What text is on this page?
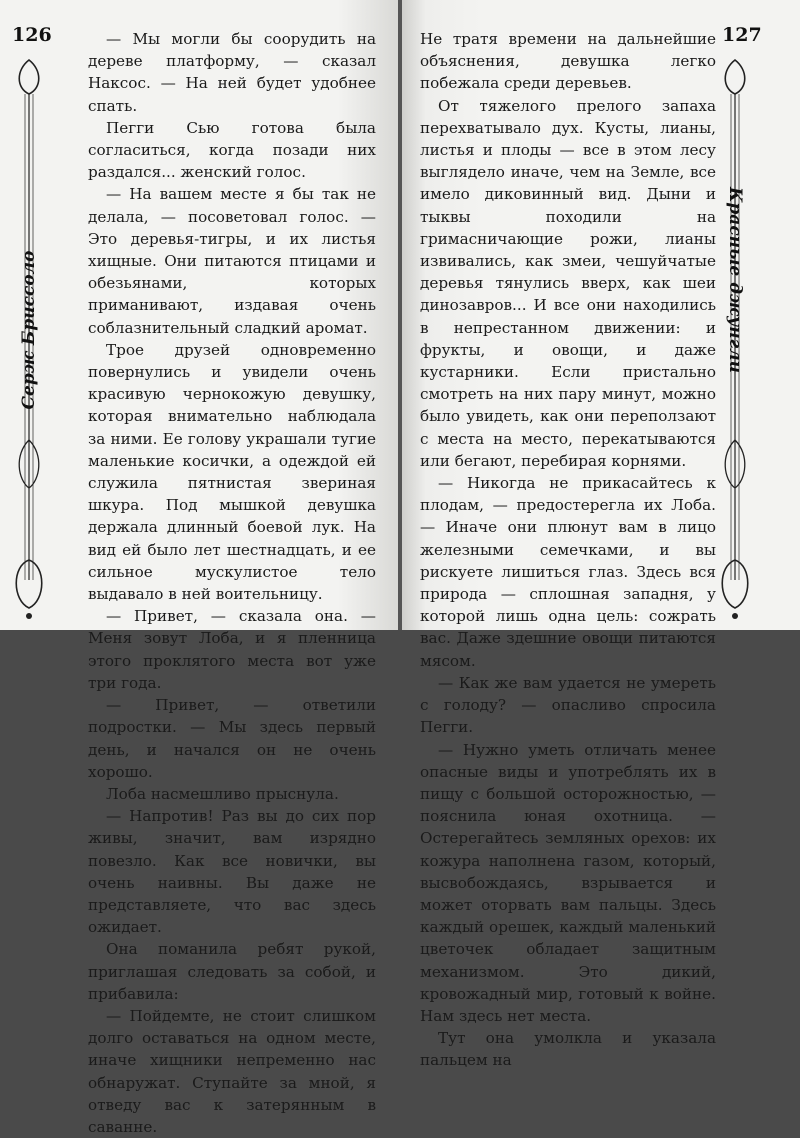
126
Серж Бриссоло

— Мы могли бы соорудить на дереве платформу, — сказал Наксос. — На ней будет удобнее спать.

Пегги Сью готова была согласиться, когда позади них раздался... женский голос.

— На вашем месте я бы так не делала, — посоветовал голос. — Это деревья-тигры, и их листья хищные. Они питаются птицами и обезьянами, которых приманивают, издавая очень соблазнительный сладкий аромат.

Трое друзей одновременно повернулись и увидели очень красивую чернокожую девушку, которая внимательно наблюдала за ними. Ее голову украшали тугие маленькие косички, а одеждой ей служила пятнистая звериная шкура. Под мышкой девушка держала длинный боевой лук. На вид ей было лет шестнадцать, и ее сильное мускулистое тело выдавало в ней воительницу.

— Привет, — сказала она. — Меня зовут Лоба, и я пленница этого проклятого места вот уже три года.

— Привет, — ответили подростки. — Мы здесь первый день, и начался он не очень хорошо.

Лоба насмешливо прыснула.

— Напротив! Раз вы до сих пор живы, значит, вам изрядно повезло. Как все новички, вы очень наивны. Вы даже не представляете, что вас здесь ожидает.

Она поманила ребят рукой, приглашая следовать за собой, и прибавила:

— Пойдемте, не стоит слишком долго оставаться на одном месте, иначе хищники непременно нас обнаружат. Ступайте за мной, я отведу вас к затерянным в саванне.

127
Красные джунгли

Не тратя времени на дальнейшие объяснения, девушка легко побежала среди деревьев.

От тяжелого прелого запаха перехватывало дух. Кусты, лианы, листья и плоды — все в этом лесу выглядело иначе, чем на Земле, все имело диковинный вид. Дыни и тыквы походили на гримасничающие рожи, лианы извивались, как змеи, чешуйчатые деревья тянулись вверх, как шеи динозавров... И все они находились в непрестанном движении: и фрукты, и овощи, и даже кустарники. Если пристально смотреть на них пару минут, можно было увидеть, как они переползают с места на место, перекатываются или бегают, перебирая корнями.

— Никогда не прикасайтесь к плодам, — предостерегла их Лоба. — Иначе они плюнут вам в лицо железными семечками, и вы рискуете лишиться глаз. Здесь вся природа — сплошная западня, у которой лишь одна цель: сожрать вас. Даже здешние овощи питаются мясом.

— Как же вам удается не умереть с голоду? — опасливо спросила Пегги.

— Нужно уметь отличать менее опасные виды и употреблять их в пищу с большой осторожностью, — пояснила юная охотница. — Остерегайтесь земляных орехов: их кожура наполнена газом, который, высвобождаясь, взрывается и может оторвать вам пальцы. Здесь каждый орешек, каждый маленький цветочек обладает защитным механизмом. Это дикий, кровожадный мир, готовый к войне. Нам здесь нет места.

Тут она умолкла и указала пальцем на
